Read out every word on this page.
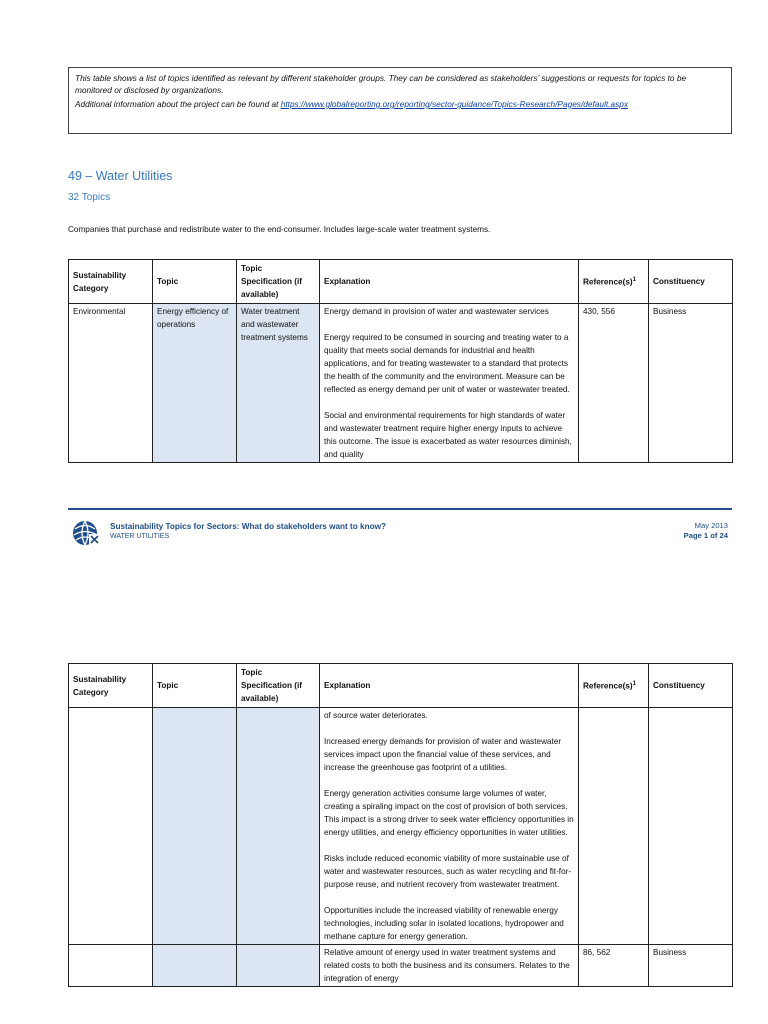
This table shows a list of topics identified as relevant by different stakeholder groups. They can be considered as stakeholders’ suggestions or requests for topics to be monitored or disclosed by organizations.

Additional information about the project can be found at https://www.globalreporting.org/reporting/sector-guidance/Topics-Research/Pages/default.aspx

49 – Water Utilities
32 Topics
Companies that purchase and redistribute water to the end-consumer. Includes large-scale water treatment systems.
Sustainability Category	Topic	Topic Specification (if available)	Explanation	$Reference(s)^1$	Constituency
Environmental	Energy efficiency of operations	Water treatment and wastewater treatment systems	Energy demand in provision of water and wastewater services

Energy required to be consumed in sourcing and treating water to a quality that meets social demands for industrial and health applications, and for treating wastewater to a standard that protects the health of the community and the environment. Measure can be reflected as energy demand per unit of water or wastewater treated.

Social and environmental requirements for high standards of water and wastewater treatment require higher energy inputs to achieve this outcome. The issue is exacerbated as water resources diminish, and quality	430, 556	Business
Sustainability Topics for Sectors: What do stakeholders want to know?
WATER UTILITIES
May 2013
Page 1 of 24
Sustainability Category	Topic	Topic Specification (if available)	Explanation	$Reference(s)^1$	Constituency

			of source water deteriorates.

Increased energy demands for provision of water and wastewater services impact upon the financial value of these services, and increase the greenhouse gas footprint of a utilities.

Energy generation activities consume large volumes of water, creating a spiraling impact on the cost of provision of both services. This impact is a strong driver to seek water efficiency opportunities in energy utilities, and energy efficiency opportunities in water utilities.

Risks include reduced economic viability of more sustainable use of water and wastewater resources, such as water recycling and fit-for-purpose reuse, and nutrient recovery from wastewater treatment.

Opportunities include the increased viability of renewable energy technologies, including solar in isolated locations, hydropower and methane capture for energy generation.		

			Relative amount of energy used in water treatment systems and related costs to both the business and its consumers. Relates to the integration of energy	86, 562	Business
